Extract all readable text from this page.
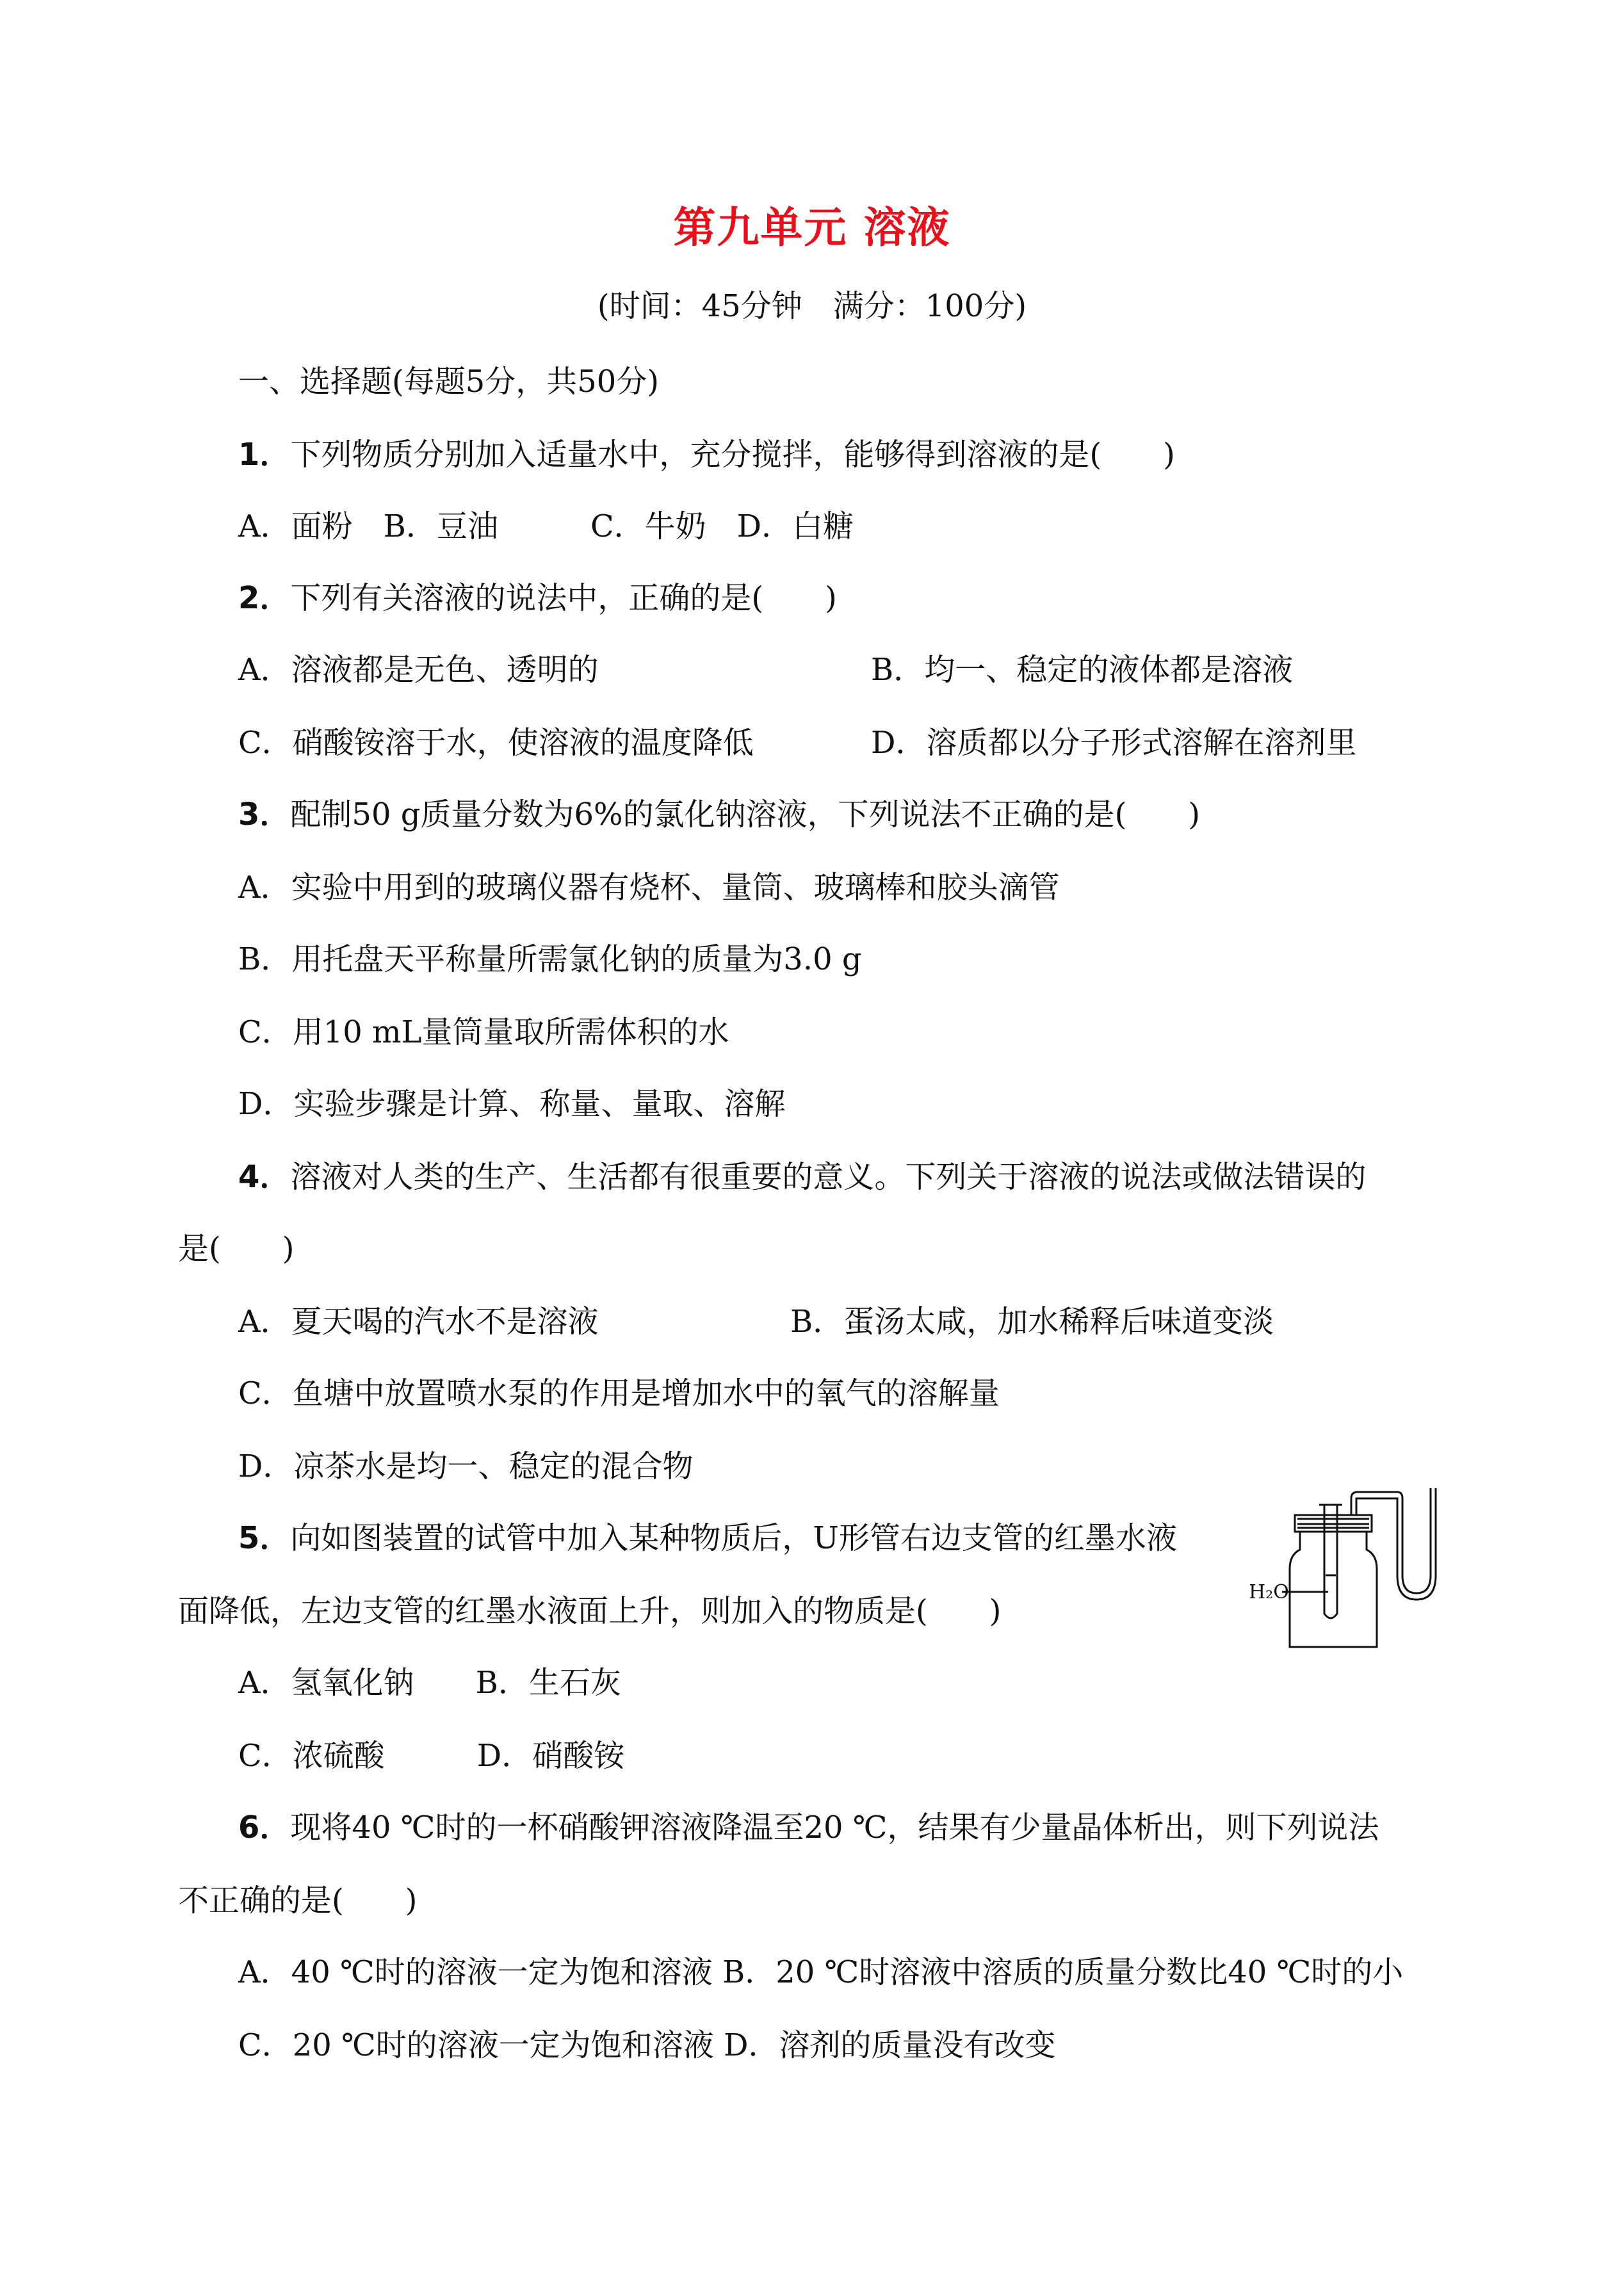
第九单元 溶液
(时间：45分钟　满分：100分)
一、选择题(每题5分，共50分)
1．下列物质分别加入适量水中，充分搅拌，能够得到溶液的是(　　)
A．面粉　B．豆油　　　C．牛奶　D．白糖
2．下列有关溶液的说法中，正确的是(　　)
A．溶液都是无色、透明的	B．均一、稳定的液体都是溶液
C．硝酸铵溶于水，使溶液的温度降低	D．溶质都以分子形式溶解在溶剂里
3．配制50 g质量分数为6%的氯化钠溶液，下列说法不正确的是(　　)
A．实验中用到的玻璃仪器有烧杯、量筒、玻璃棒和胶头滴管
B．用托盘天平称量所需氯化钠的质量为3.0 g
C．用10 mL量筒量取所需体积的水
D．实验步骤是计算、称量、量取、溶解
4．溶液对人类的生产、生活都有很重要的意义。下列关于溶液的说法或做法错误的
是(　　)
A．夏天喝的汽水不是溶液	B．蛋汤太咸，加水稀释后味道变淡
C．鱼塘中放置喷水泵的作用是增加水中的氧气的溶解量
D．凉茶水是均一、稳定的混合物
5．向如图装置的试管中加入某种物质后，U形管右边支管的红墨水液
面降低，左边支管的红墨水液面上升，则加入的物质是(　　)
A．氢氧化钠　　B．生石灰
C．浓硫酸　　　D．硝酸铵
H₂O
6．现将40 ℃时的一杯硝酸钾溶液降温至20 ℃，结果有少量晶体析出，则下列说法
不正确的是(　　)
A．40 ℃时的溶液一定为饱和溶液 B．20 ℃时溶液中溶质的质量分数比40 ℃时的小
C．20 ℃时的溶液一定为饱和溶液 D．溶剂的质量没有改变
